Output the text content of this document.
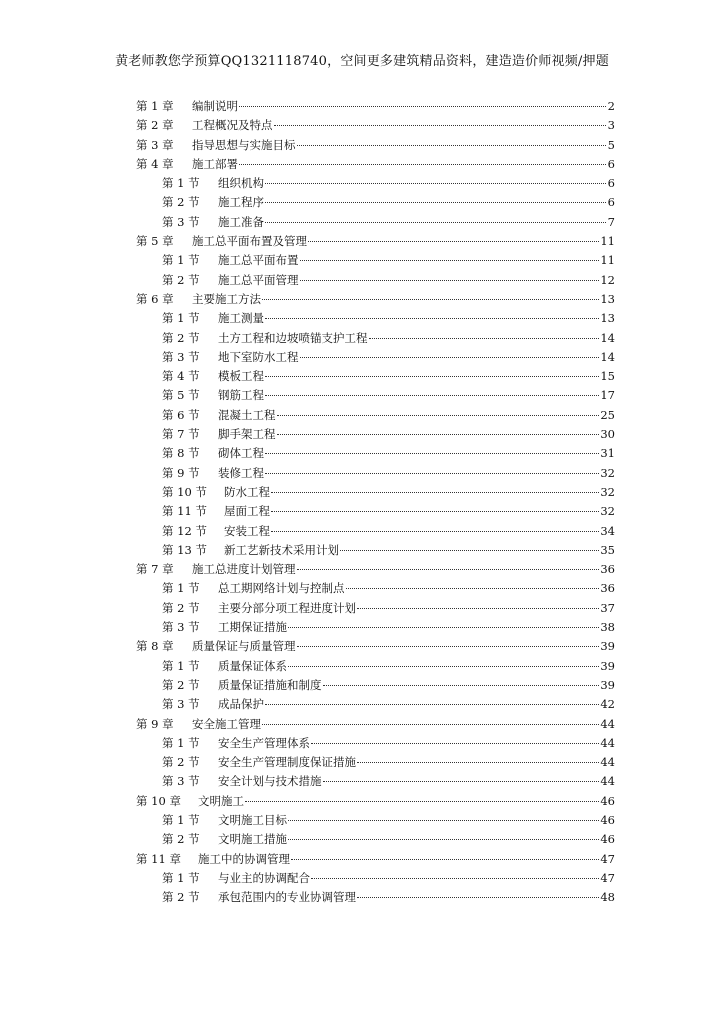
黄老师教您学预算QQ1321118740，空间更多建筑精品资料，建造造价师视频/押题
第 1 章	编制说明	2
第 2 章	工程概况及特点	3
第 3 章	指导思想与实施目标	5
第 4 章	施工部署	6
第 1 节	组织机构	6
第 2 节	施工程序	6
第 3 节	施工准备	7
第 5 章	施工总平面布置及管理	11
第 1 节	施工总平面布置	11
第 2 节	施工总平面管理	12
第 6 章	主要施工方法	13
第 1 节	施工测量	13
第 2 节	土方工程和边坡喷锚支护工程	14
第 3 节	地下室防水工程	14
第 4 节	模板工程	15
第 5 节	钢筋工程	17
第 6 节	混凝土工程	25
第 7 节	脚手架工程	30
第 8 节	砌体工程	31
第 9 节	装修工程	32
第 10 节	防水工程	32
第 11 节	屋面工程	32
第 12 节	安装工程	34
第 13 节	新工艺新技术采用计划	35
第 7 章	施工总进度计划管理	36
第 1 节	总工期网络计划与控制点	36
第 2 节	主要分部分项工程进度计划	37
第 3 节	工期保证措施	38
第 8 章	质量保证与质量管理	39
第 1 节	质量保证体系	39
第 2 节	质量保证措施和制度	39
第 3 节	成品保护	42
第 9 章	安全施工管理	44
第 1 节	安全生产管理体系	44
第 2 节	安全生产管理制度保证措施	44
第 3 节	安全计划与技术措施	44
第 10 章	文明施工	46
第 1 节	文明施工目标	46
第 2 节	文明施工措施	46
第 11 章	施工中的协调管理	47
第 1 节	与业主的协调配合	47
第 2 节	承包范围内的专业协调管理	48
